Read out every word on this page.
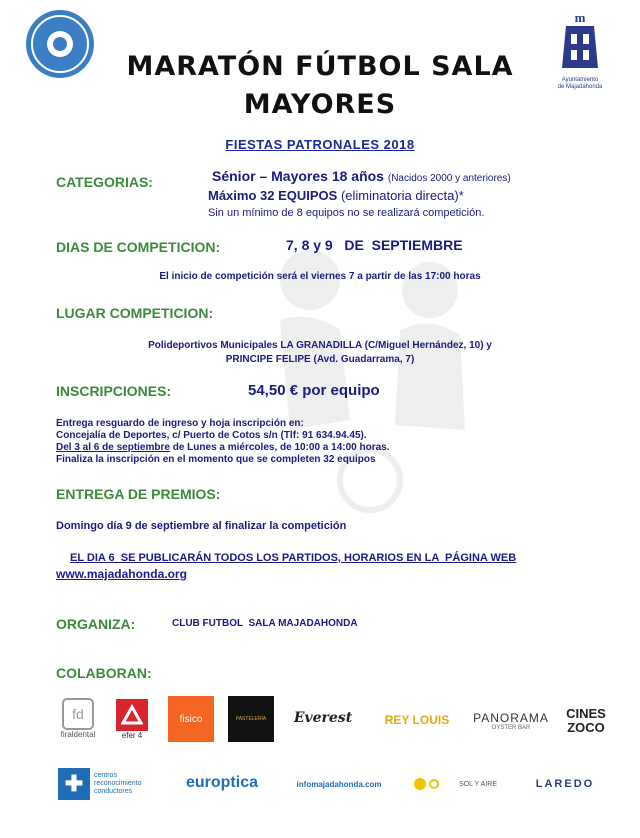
m
Ayuntamiento
de Majadahonda
MARATÓN FÚTBOL SALA
MAYORES
FIESTAS PATRONALES 2018
CATEGORIAS:	Sénior – Mayores 18 años (Nacidos 2000 y anteriores)
Máximo 32 EQUIPOS (eliminatoria directa)*
Sin un mínimo de 8 equipos no se realizará competición.
DIAS DE COMPETICION:	7, 8 y 9   DE  SEPTIEMBRE
El inicio de competición será el viernes 7 a partir de las 17:00 horas
LUGAR COMPETICION:
Polideportivos Municipales LA GRANADILLA (C/Miguel Hernández, 10) y
PRINCIPE FELIPE (Avd. Guadarrama, 7)
INSCRIPCIONES:	54,50 € por equipo
Entrega resguardo de ingreso y hoja inscripción en:
Concejalía de Deportes, c/ Puerto de Cotos s/n (Tlf: 91 634.94.45).
Del 3 al 6 de septiembre de Lunes a miércoles, de 10:00 a 14:00 horas.
Finaliza la inscripción en el momento que se completen 32 equipos
ENTREGA DE PREMIOS:
Domingo día 9 de septiembre al finalizar la competición
EL DIA 6  SE PUBLICARÁN TODOS LOS PARTIDOS, HORARIOS EN LA  PÁGINA WEB
www.majadahonda.org
ORGANIZA:	CLUB FUTBOL  SALA MAJADAHONDA
COLABORAN:
fd
firaldental	efer 4
fisico	PASTELERÍA	Everest	REY LOUIS	PANORAMA
OYSTER BAR
CINES
ZOCO
✚	centros reconocimiento conductores
europtica	infomajadahonda.com	SOL Y AIRE	LAREDO
